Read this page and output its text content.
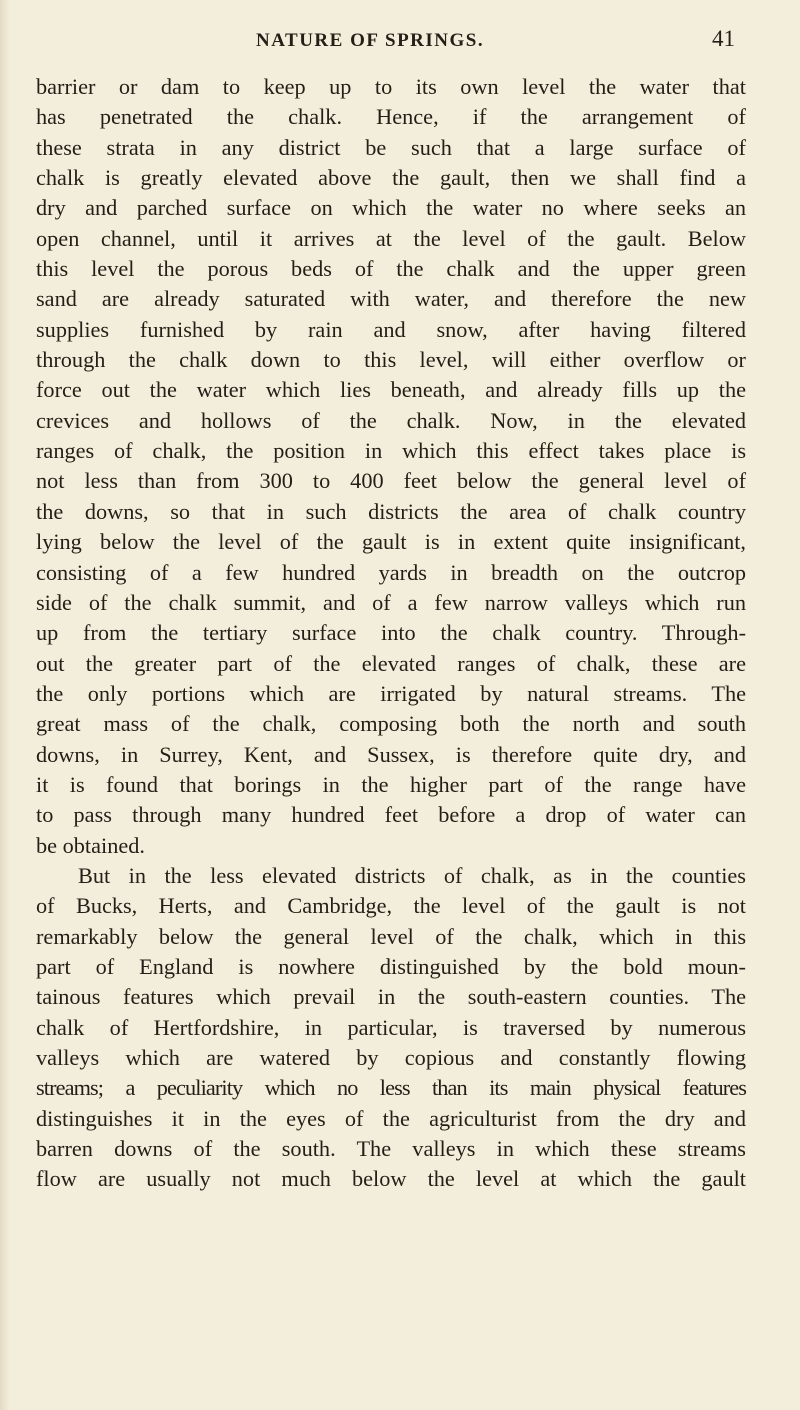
NATURE OF SPRINGS.	41

barrier or dam to keep up to its own level the water that
has penetrated the chalk. Hence, if the arrangement of
these strata in any district be such that a large surface of
chalk is greatly elevated above the gault, then we shall find a
dry and parched surface on which the water no where seeks an
open channel, until it arrives at the level of the gault. Below
this level the porous beds of the chalk and the upper green
sand are already saturated with water, and therefore the new
supplies furnished by rain and snow, after having filtered
through the chalk down to this level, will either overflow or
force out the water which lies beneath, and already fills up the
crevices and hollows of the chalk. Now, in the elevated
ranges of chalk, the position in which this effect takes place is
not less than from 300 to 400 feet below the general level of
the downs, so that in such districts the area of chalk country
lying below the level of the gault is in extent quite insignificant,
consisting of a few hundred yards in breadth on the outcrop
side of the chalk summit, and of a few narrow valleys which run
up from the tertiary surface into the chalk country. Through-
out the greater part of the elevated ranges of chalk, these are
the only portions which are irrigated by natural streams. The
great mass of the chalk, composing both the north and south
downs, in Surrey, Kent, and Sussex, is therefore quite dry, and
it is found that borings in the higher part of the range have
to pass through many hundred feet before a drop of water can
be obtained.

But in the less elevated districts of chalk, as in the counties
of Bucks, Herts, and Cambridge, the level of the gault is not
remarkably below the general level of the chalk, which in this
part of England is nowhere distinguished by the bold moun-
tainous features which prevail in the south-eastern counties. The
chalk of Hertfordshire, in particular, is traversed by numerous
valleys which are watered by copious and constantly flowing
streams; a peculiarity which no less than its main physical features
distinguishes it in the eyes of the agriculturist from the dry and
barren downs of the south. The valleys in which these streams
flow are usually not much below the level at which the gault
